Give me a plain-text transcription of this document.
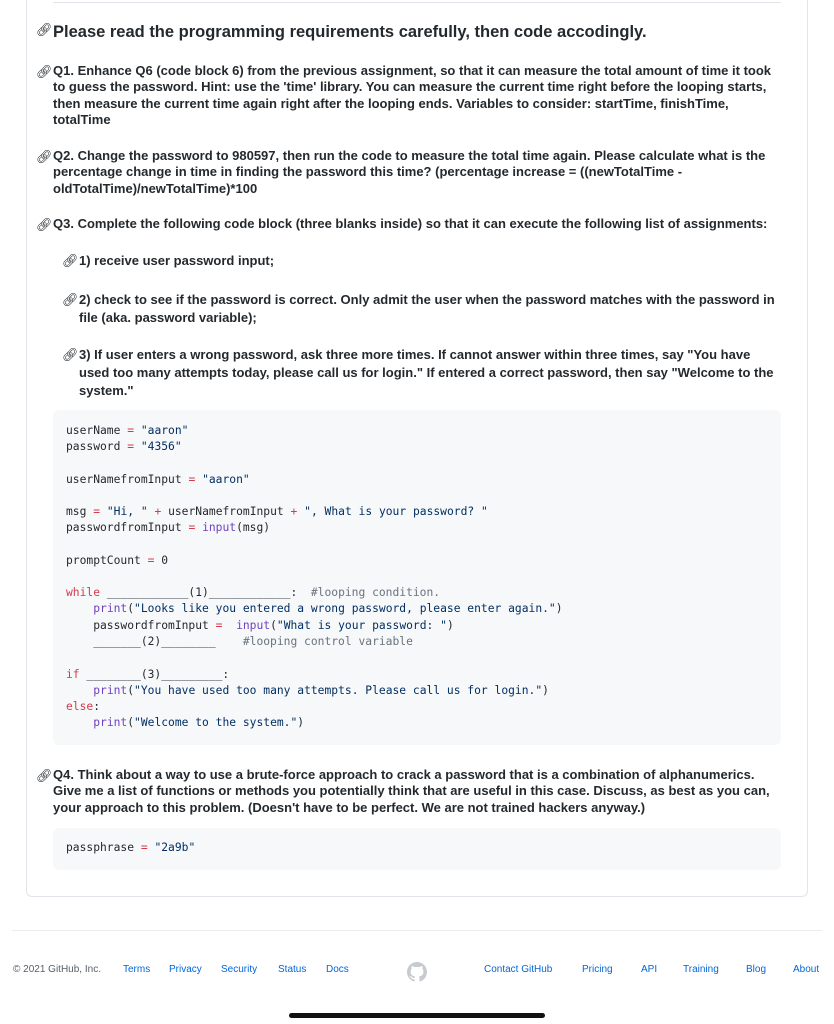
🔗︎ Please read the programming requirements carefully, then code accodingly.
🔗︎ Q1. Enhance Q6 (code block 6) from the previous assignment, so that it can measure the total amount of time it took to guess the password. Hint: use the 'time' library. You can measure the current time right before the looping starts, then measure the current time again right after the looping ends. Variables to consider: startTime, finishTime, totalTime
🔗︎ Q2. Change the password to 980597, then run the code to measure the total time again. Please calculate what is the percentage change in time in finding the password this time? (percentage increase = ((newTotalTime - oldTotalTime)/newTotalTime)*100
🔗︎ Q3. Complete the following code block (three blanks inside) so that it can execute the following list of assignments:
🔗︎ 1) receive user password input;
🔗︎ 2) check to see if the password is correct. Only admit the user when the password matches with the password in file (aka. password variable);
🔗︎ 3) If user enters a wrong password, ask three more times. If cannot answer within three times, say "You have used too many attempts today, please call us for login." If entered a correct password, then say "Welcome to the system."
userName = "aaron"
password = "4356"
userNamefromInput = "aaron"
msg = "Hi, " + userNamefromInput + ", What is your password? "
passwordfromInput = input(msg)
promptCount = 0
while ____________(1)____________:  #looping condition.
print("Looks like you entered a wrong password, please enter again.")
passwordfromInput = input("What is your password: ")
_______(2)________    #looping control variable
if ________(3)_________:
print("You have used too many attempts. Please call us for login.")
else:
print("Welcome to the system.")
🔗︎ Q4. Think about a way to use a brute-force approach to crack a password that is a combination of alphanumerics. Give me a list of functions or methods you potentially think that are useful in this case. Discuss, as best as you can, your approach to this problem. (Doesn't have to be perfect. We are not trained hackers anyway.)
passphrase = "2a9b"
© 2021 GitHub, Inc. Terms Privacy Security Status Docs	Contact GitHub	Pricing	API	Training	Blog	About
